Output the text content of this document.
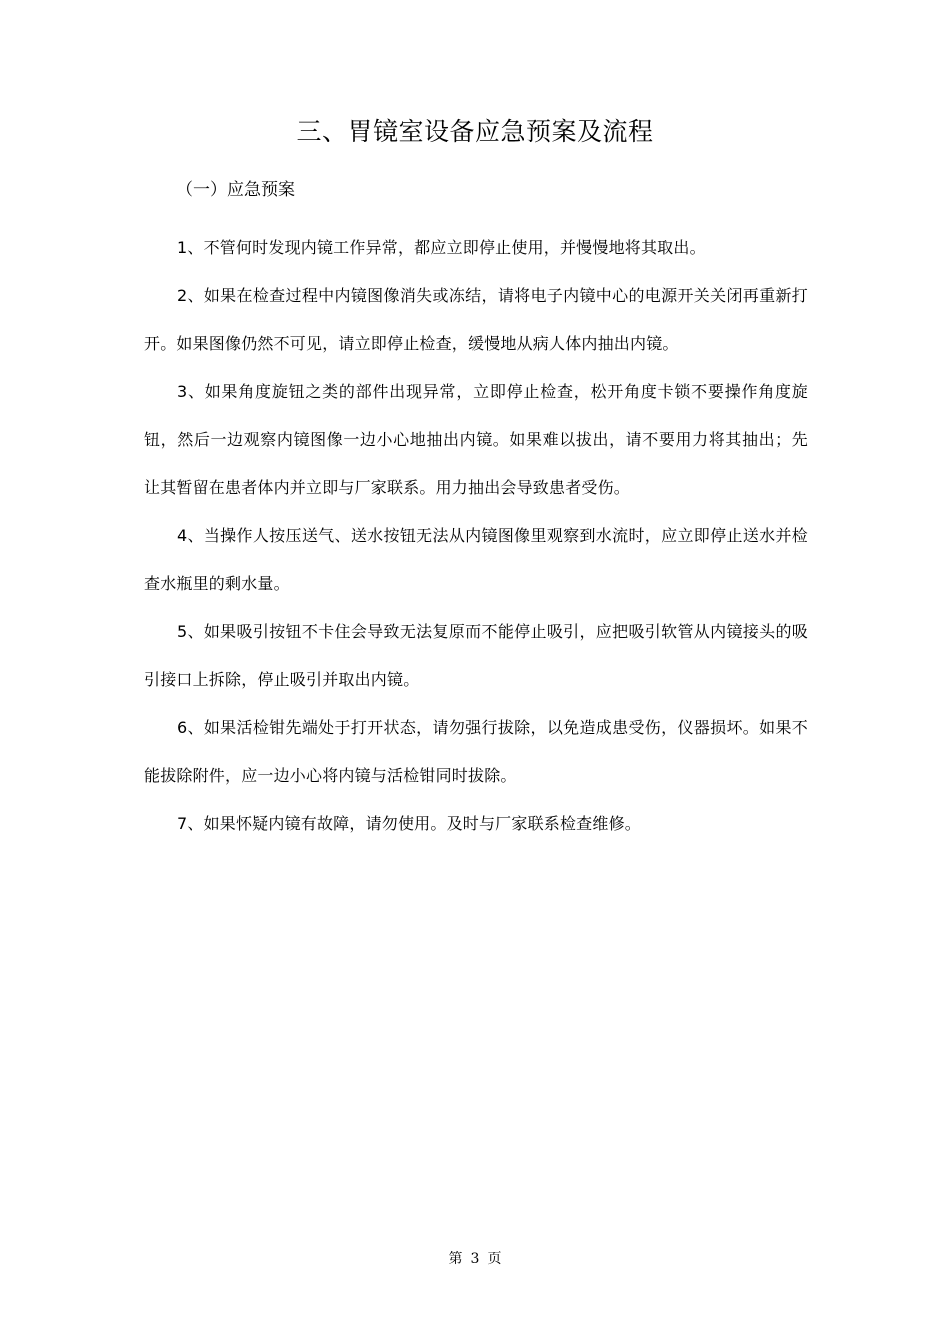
三、胃镜室设备应急预案及流程
（一）应急预案

1、不管何时发现内镜工作异常，都应立即停止使用，并慢慢地将其取出。

2、如果在检查过程中内镜图像消失或冻结，请将电子内镜中心的电源开关关闭再重新打开。如果图像仍然不可见，请立即停止检查，缓慢地从病人体内抽出内镜。

3、如果角度旋钮之类的部件出现异常，立即停止检查，松开角度卡锁不要操作角度旋钮，然后一边观察内镜图像一边小心地抽出内镜。如果难以拔出，请不要用力将其抽出；先让其暂留在患者体内并立即与厂家联系。用力抽出会导致患者受伤。

4、当操作人按压送气、送水按钮无法从内镜图像里观察到水流时，应立即停止送水并检查水瓶里的剩水量。

5、如果吸引按钮不卡住会导致无法复原而不能停止吸引，应把吸引软管从内镜接头的吸引接口上拆除，停止吸引并取出内镜。

6、如果活检钳先端处于打开状态，请勿强行拔除，以免造成患受伤，仪器损坏。如果不能拔除附件，应一边小心将内镜与活检钳同时拔除。

7、如果怀疑内镜有故障，请勿使用。及时与厂家联系检查维修。

第 3 页
